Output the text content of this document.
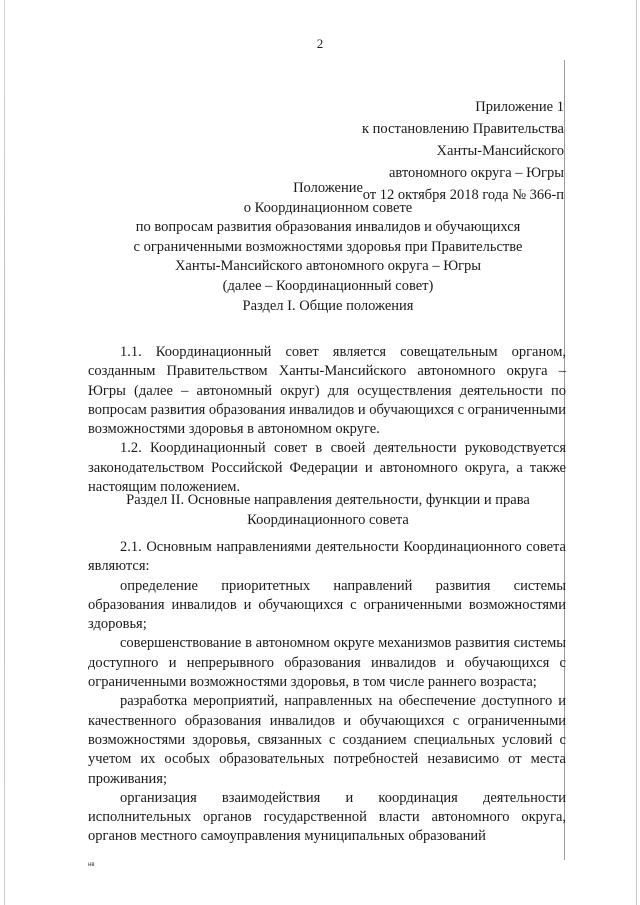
2
Приложение 1
к постановлению Правительства
Ханты-Мансийского
автономного округа – Югры
от 12 октября 2018 года № 366-п
Положение
о Координационном совете
по вопросам развития образования инвалидов и обучающихся
с ограниченными возможностями здоровья при Правительстве
Ханты-Мансийского автономного округа – Югры
(далее – Координационный совет)
Раздел I. Общие положения

1.1. Координационный совет является совещательным органом, созданным Правительством Ханты-Мансийского автономного округа – Югры (далее – автономный округ) для осуществления деятельности по вопросам развития образования инвалидов и обучающихся с ограниченными возможностями здоровья в автономном округе.

1.2. Координационный совет в своей деятельности руководствуется законодательством Российской Федерации и автономного округа, а также настоящим положением.

Раздел II. Основные направления деятельности, функции и права
Координационного совета

2.1. Основным направлениями деятельности Координационного совета являются:

определение приоритетных направлений развития системы образования инвалидов и обучающихся с ограниченными возможностями здоровья;

совершенствование в автономном округе механизмов развития системы доступного и непрерывного образования инвалидов и обучающихся с ограниченными возможностями здоровья, в том числе раннего возраста;

разработка мероприятий, направленных на обеспечение доступного и качественного образования инвалидов и обучающихся с ограниченными возможностями здоровья, связанных с созданием специальных условий с учетом их особых образовательных потребностей независимо от места проживания;

организация взаимодействия и координация деятельности исполнительных органов государственной власти автономного округа, органов местного самоуправления муниципальных образований

нв
